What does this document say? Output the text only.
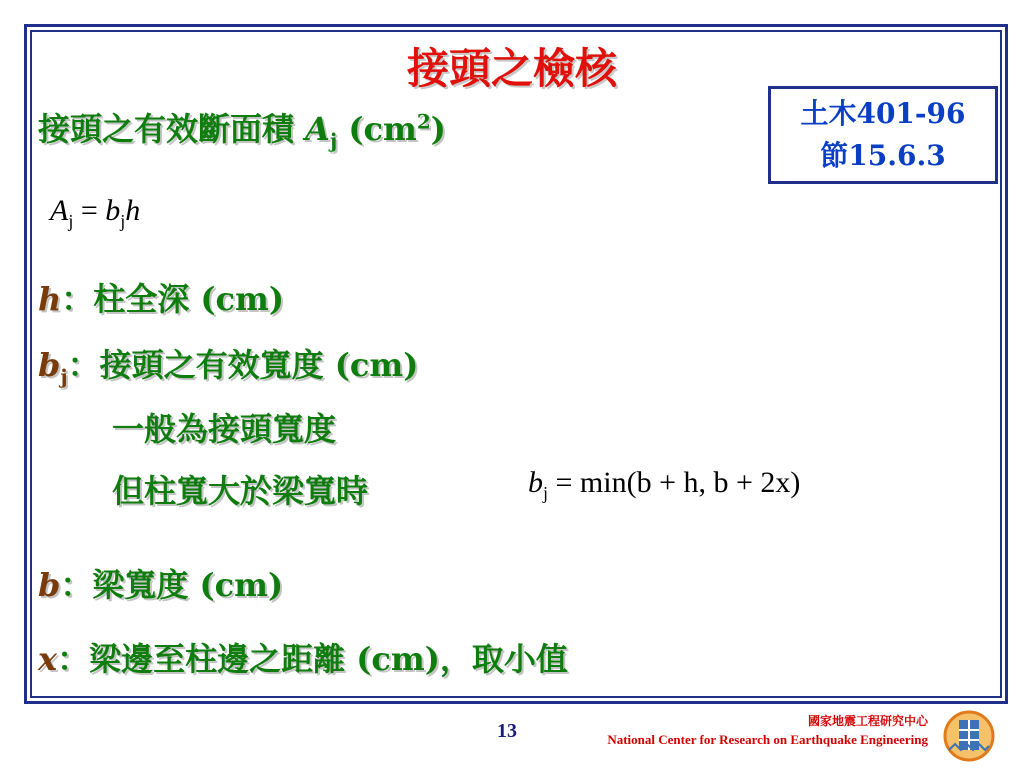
接頭之檢核
土木401-96
節15.6.3
接頭之有效斷面積 $A_j$ $(cm^2)$
$A_j = b_jh$
h：柱全深 (cm)
$b_j$：接頭之有效寬度 (cm)
一般為接頭寬度
但柱寬大於梁寬時	$b_j = \min(b + h$, b + 2x)
b：梁寬度 (cm)
x：梁邊至柱邊之距離 (cm)，取小值
13	國家地震工程研究中心
National Center for Research on Earthquake Engineering
